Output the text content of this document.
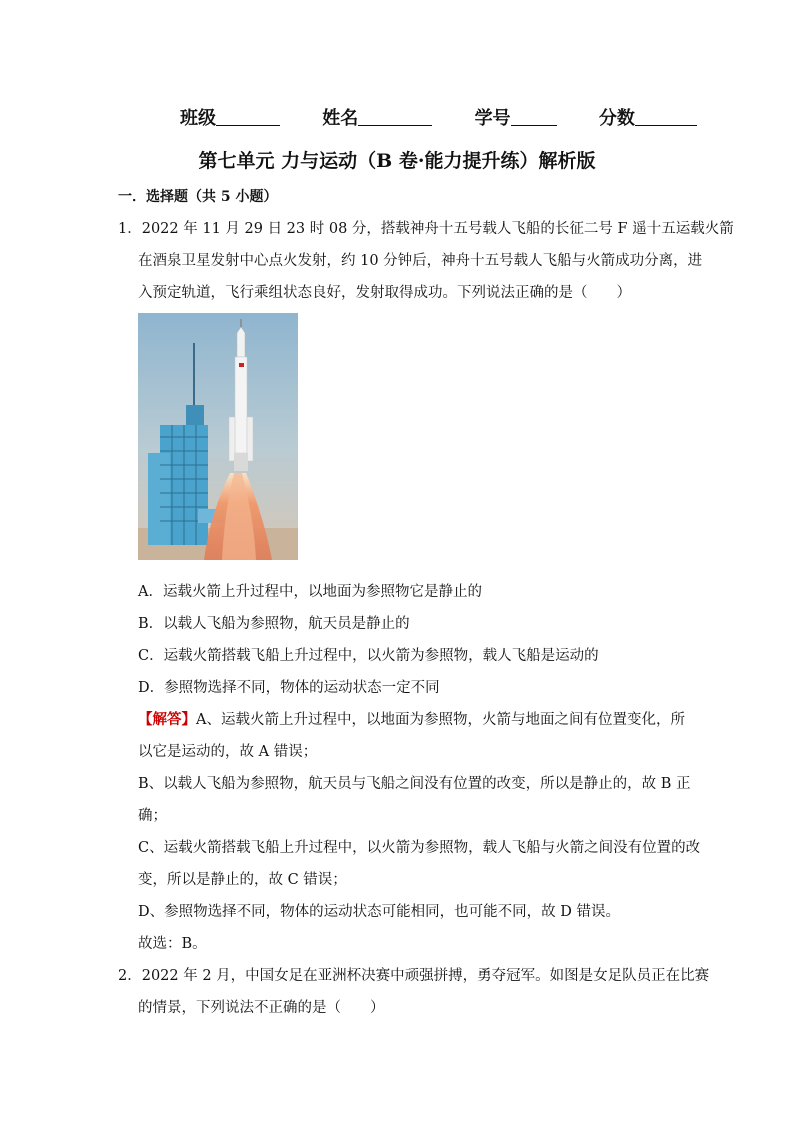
班级	姓名	学号	分数
第七单元 力与运动（B 卷·能力提升练）解析版
一．选择题（共 5 小题）
1．2022 年 11 月 29 日 23 时 08 分，搭载神舟十五号载人飞船的长征二号 F 遥十五运载火箭
在酒泉卫星发射中心点火发射，约 10 分钟后，神舟十五号载人飞船与火箭成功分离，进
入预定轨道，飞行乘组状态良好，发射取得成功。下列说法正确的是（　　）
A．运载火箭上升过程中，以地面为参照物它是静止的
B．以载人飞船为参照物，航天员是静止的
C．运载火箭搭载飞船上升过程中，以火箭为参照物，载人飞船是运动的
D．参照物选择不同，物体的运动状态一定不同
【解答】A、运载火箭上升过程中，以地面为参照物，火箭与地面之间有位置变化，所
以它是运动的，故 A 错误；
B、以载人飞船为参照物，航天员与飞船之间没有位置的改变，所以是静止的，故 B 正
确；
C、运载火箭搭载飞船上升过程中，以火箭为参照物，载人飞船与火箭之间没有位置的改
变，所以是静止的，故 C 错误；
D、参照物选择不同，物体的运动状态可能相同，也可能不同，故 D 错误。
故选：B。
2．2022 年 2 月，中国女足在亚洲杯决赛中顽强拼搏，勇夺冠军。如图是女足队员正在比赛
的情景，下列说法不正确的是（　　）
